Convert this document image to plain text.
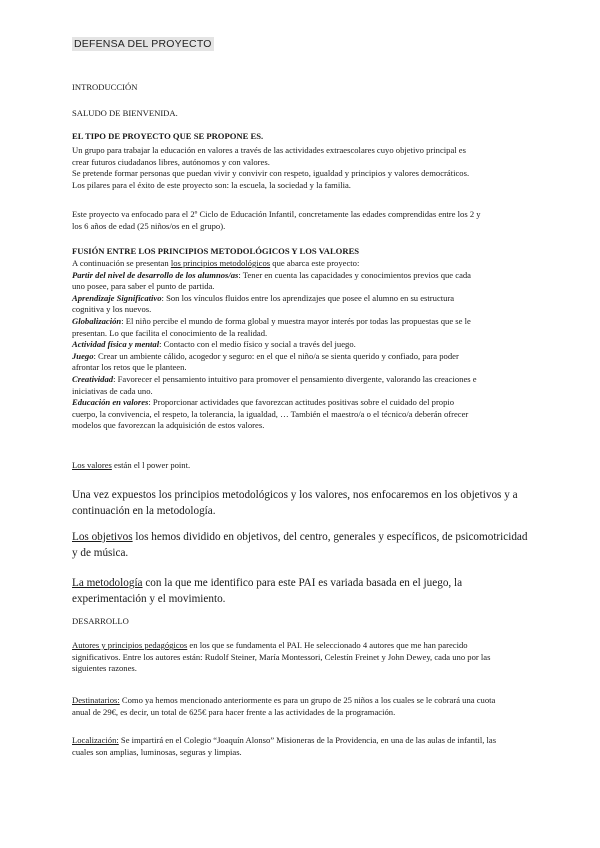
DEFENSA DEL PROYECTO
INTRODUCCIÓN
SALUDO DE BIENVENIDA.
EL TIPO DE PROYECTO QUE SE PROPONE ES.

Un grupo para trabajar la educación en valores a través de las actividades extraescolares cuyo objetivo principal es

crear futuros ciudadanos libres, autónomos y con valores.

Se pretende formar personas que puedan vivir y convivir con respeto, igualdad y principios y valores democráticos.

Los pilares para el éxito de este proyecto son: la escuela, la sociedad y la familia.

Este proyecto va enfocado para el 2º Ciclo de Educación Infantil, concretamente las edades comprendidas entre los 2 y

los 6 años de edad (25 niños/os en el grupo).

FUSIÓN ENTRE LOS PRINCIPIOS METODOLÓGICOS Y LOS VALORES

A continuación se presentan los principios metodológicos que abarca este proyecto:

Partir del nivel de desarrollo de los alumnos/as: Tener en cuenta las capacidades y conocimientos previos que cada

uno posee, para saber el punto de partida.

Aprendizaje Significativo: Son los vínculos fluidos entre los aprendizajes que posee el alumno en su estructura

cognitiva y los nuevos.

Globalización: El niño percibe el mundo de forma global y muestra mayor interés por todas las propuestas que se le

presentan. Lo que facilita el conocimiento de la realidad.

Actividad física y mental: Contacto con el medio físico y social a través del juego.

Juego: Crear un ambiente cálido, acogedor y seguro: en el que el niño/a se sienta querido y confiado, para poder

afrontar los retos que le planteen.

Creatividad: Favorecer el pensamiento intuitivo para promover el pensamiento divergente, valorando las creaciones e

iniciativas de cada uno.

Educación en valores: Proporcionar actividades que favorezcan actitudes positivas sobre el cuidado del propio

cuerpo, la convivencia, el respeto, la tolerancia, la igualdad, … También el maestro/a o el técnico/a deberán ofrecer

modelos que favorezcan la adquisición de estos valores.

Los valores están el l power point.
Una vez expuestos los principios metodológicos y los valores, nos enfocaremos en los objetivos y a continuación en la metodología.
Los objetivos los hemos dividido en objetivos, del centro, generales y específicos, de psicomotricidad y de música.
La metodología con la que me identifico para este PAI es variada basada en el juego, la experimentación y el movimiento.
DESARROLLO

Autores y principios pedagógicos en los que se fundamenta el PAI. He seleccionado 4 autores que me han parecido

significativos. Entre los autores están: Rudolf Steiner, María Montessori, Celestín Freinet y John Dewey, cada uno por las

siguientes razones.

Destinatarios: Como ya hemos mencionado anteriormente es para un grupo de 25 niños a los cuales se le cobrará una cuota

anual de 29€, es decir, un total de 625€ para hacer frente a las actividades de la programación.

Localización: Se impartirá en el Colegio “Joaquín Alonso” Misioneras de la Providencia, en una de las aulas de infantil, las

cuales son amplias, luminosas, seguras y limpias.
